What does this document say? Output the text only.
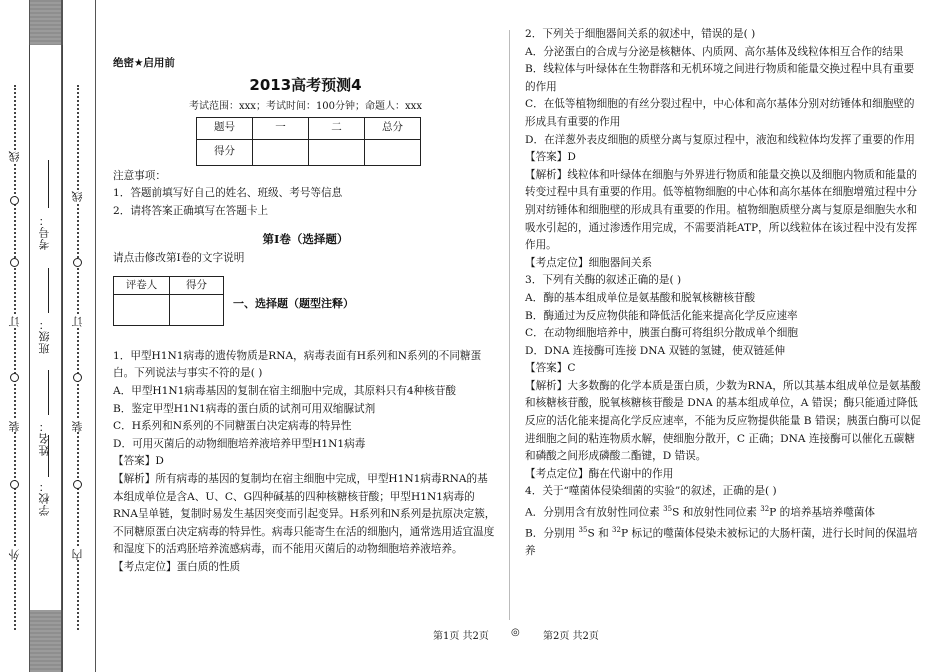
线
订
装
外
学校：
姓名：
班级：
考号：
线
订
装
内
绝密★启用前
2013高考预测4
考试范围：xxx；考试时间：100分钟；命题人：xxx
题号	一	二	总分
得分			

注意事项：

1．答题前填写好自己的姓名、班级、考号等信息

2．请将答案正确填写在答题卡上

第I卷（选择题）

请点击修改第I卷的文字说明

评卷人	得分

一、选择题（题型注释）

1．甲型H1N1病毒的遗传物质是RNA，病毒表面有H系列和N系列的不同糖蛋白。下列说法与事实不符的是( )

A．甲型H1N1病毒基因的复制在宿主细胞中完成，其原料只有4种核苷酸

B．鉴定甲型H1N1病毒的蛋白质的试剂可用双缩脲试剂

C．H系列和N系列的不同糖蛋白决定病毒的特异性

D．可用灭菌后的动物细胞培养液培养甲型H1N1病毒

【答案】D

【解析】所有病毒的基因的复制均在宿主细胞中完成，甲型H1N1病毒RNA的基本组成单位是含A、U、C、G四种碱基的四种核糖核苷酸；甲型H1N1病毒的RNA呈单链，复制时易发生基因突变而引起变异。H系列和N系列是抗原决定簇，不同糖原蛋白决定病毒的特异性。病毒只能寄生在活的细胞内，通常选用适宜温度和湿度下的活鸡胚培养流感病毒，而不能用灭菌后的动物细胞培养液培养。

【考点定位】蛋白质的性质

2．下列关于细胞器间关系的叙述中，错误的是( )

A．分泌蛋白的合成与分泌是核糖体、内质网、高尔基体及线粒体相互合作的结果

B．线粒体与叶绿体在生物群落和无机环境之间进行物质和能量交换过程中具有重要的作用

C．在低等植物细胞的有丝分裂过程中，中心体和高尔基体分别对纺锤体和细胞壁的形成具有重要的作用

D．在洋葱外表皮细胞的质壁分离与复原过程中，液泡和线粒体均发挥了重要的作用

【答案】D

【解析】线粒体和叶绿体在细胞与外界进行物质和能量交换以及细胞内物质和能量的转变过程中具有重要的作用。低等植物细胞的中心体和高尔基体在细胞增殖过程中分别对纺锤体和细胞壁的形成具有重要的作用。植物细胞质壁分离与复原是细胞失水和吸水引起的，通过渗透作用完成，不需要消耗ATP，所以线粒体在该过程中没有发挥作用。

【考点定位】细胞器间关系

3．下列有关酶的叙述正确的是( )

A．酶的基本组成单位是氨基酸和脱氧核糖核苷酸

B．酶通过为反应物供能和降低活化能来提高化学反应速率

C．在动物细胞培养中，胰蛋白酶可将组织分散成单个细胞

D．DNA 连接酶可连接 DNA 双链的氢键，使双链延伸

【答案】C

【解析】大多数酶的化学本质是蛋白质，少数为RNA，所以其基本组成单位是氨基酸和核糖核苷酸，脱氧核糖核苷酸是 DNA 的基本组成单位，A 错误；酶只能通过降低反应的活化能来提高化学反应速率，不能为反应物提供能量 B 错误；胰蛋白酶可以促进细胞之间的粘连物质水解，使细胞分散开，C 正确；DNA 连接酶可以催化五碳糖和磷酸之间形成磷酸二酯键，D 错误。

【考点定位】酶在代谢中的作用

4．关于“噬菌体侵染细菌的实验”的叙述，正确的是( )

A．分别用含有放射性同位素 $^{35}$S 和放射性同位素 $^{32}$P 的培养基培养噬菌体

B．分别用 $^{35}$S 和 $^{32}$P 标记的噬菌体侵染未被标记的大肠杆菌，进行长时间的保温培养

第1页 共2页 ◎ 第2页 共2页
